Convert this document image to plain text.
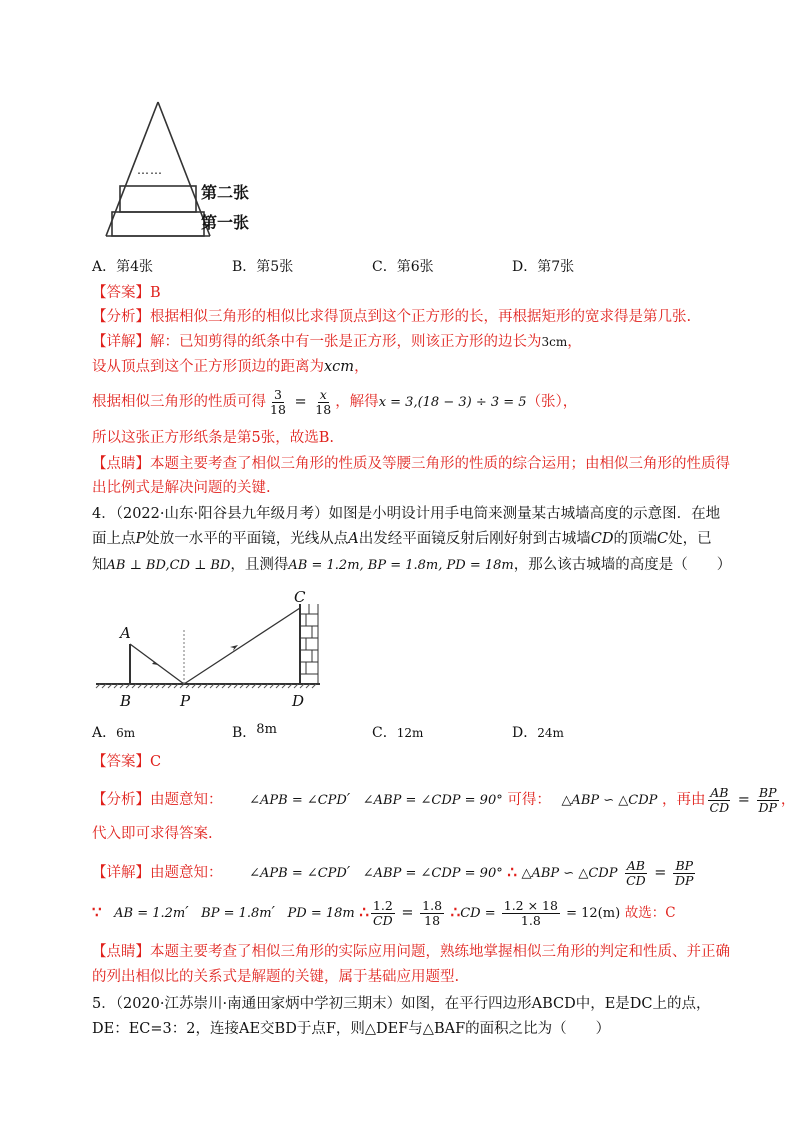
……
第二张
第一张
A．第4张	B．第5张	C．第6张	D．第7张
【答案】B
【分析】根据相似三角形的相似比求得顶点到这个正方形的长，再根据矩形的宽求得是第几张.
【详解】解：已知剪得的纸条中有一张是正方形，则该正方形的边长为3cm，
设从顶点到这个正方形顶边的距离为xcm，
根据相似三角形的性质可得 $\frac{3}{18} = \frac{x}{18}$ ，解得x = 3,(18 − 3) ÷ 3 = 5（张），
所以这张正方形纸条是第5张，故选B.
【点睛】本题主要考查了相似三角形的性质及等腰三角形的性质的综合运用；由相似三角形的性质得
出比例式是解决问题的关键.
4．（2022·山东·阳谷县九年级月考）如图是小明设计用手电筒来测量某古城墙高度的示意图．在地
面上点P处放一水平的平面镜，光线从点A出发经平面镜反射后刚好射到古城墙CD的顶端C处，已
知AB ⊥ BD,CD ⊥ BD，且测得AB = 1.2m, BP = 1.8m, PD = 18m，那么该古城墙的高度是（　　）
A
B	P
C
D
A．6m	B．8m	C．12m	D．24m
【答案】C
【分析】由题意知： ∠APB = ∠CPD′ ∠ABP = ∠CDP = 90° 可得： △ABP ∽ △CDP ，再由 $\frac{AB}{CD} = \frac{BP}{DP}$ ，
代入即可求得答案.
【详解】由题意知： ∠APB = ∠CPD′ ∠ABP = ∠CDP = 90° ∴ △ABP ∽ △CDP $\frac{AB}{CD} = \frac{BP}{DP}$
∵ AB = 1.2m′ BP = 1.8m′ PD = 18m ∴ $\frac{1.2}{CD} = \frac{1.8}{18}$ ∴CD = $\frac{1.2 \times 18}{1.8} = 12(m)$ 故选：C
【点睛】本题主要考查了相似三角形的实际应用问题，熟练地掌握相似三角形的判定和性质、并正确
的列出相似比的关系式是解题的关键，属于基础应用题型.
5．（2020·江苏崇川·南通田家炳中学初三期末）如图，在平行四边形ABCD中，E是DC上的点，
DE：EC=3：2，连接AE交BD于点F，则△DEF与△BAF的面积之比为（　　）
